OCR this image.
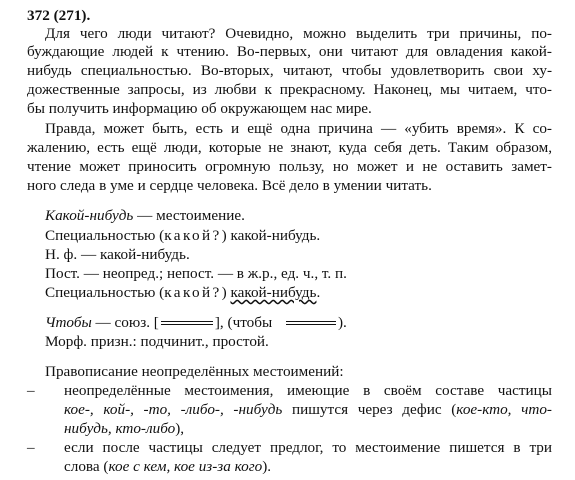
372 (271).
Для чего люди читают? Очевидно, можно выделить три причины, по-
буждающие людей к чтению. Во-первых, они читают для овладения какой-
нибудь специальностью. Во-вторых, читают, чтобы удовлетворить свои ху-
дожественные запросы, из любви к прекрасному. Наконец, мы читаем, что-
бы получить информацию об окружающем нас мире.
Правда, может быть, есть и ещё одна причина — «убить время». К со-
жалению, есть ещё люди, которые не знают, куда себя деть. Таким образом,
чтение может приносить огромную пользу, но может и не оставить замет-
ного следа в уме и сердце человека. Всё дело в умении читать.
Какой-нибудь — местоимение.
Специальностью (какой?) какой-нибудь.
Н. ф. — какой-нибудь.
Пост. — неопред.; непост. — в ж.р., ед. ч., т. п.
Специальностью (какой?) какой-нибудь.
Чтобы — союз. [	], (чтобы	).
Морф. призн.: подчинит., простой.
Правописание неопределённых местоимений:
– неопределённые местоимения, имеющие в своём составе частицы
кое-, кой-, -то, -либо-, -нибудь пишутся через дефис (кое-кто, что-
нибудь, кто-либо),
– если после частицы следует предлог, то местоимение пишется в три
слова (кое с кем, кое из-за кого).
